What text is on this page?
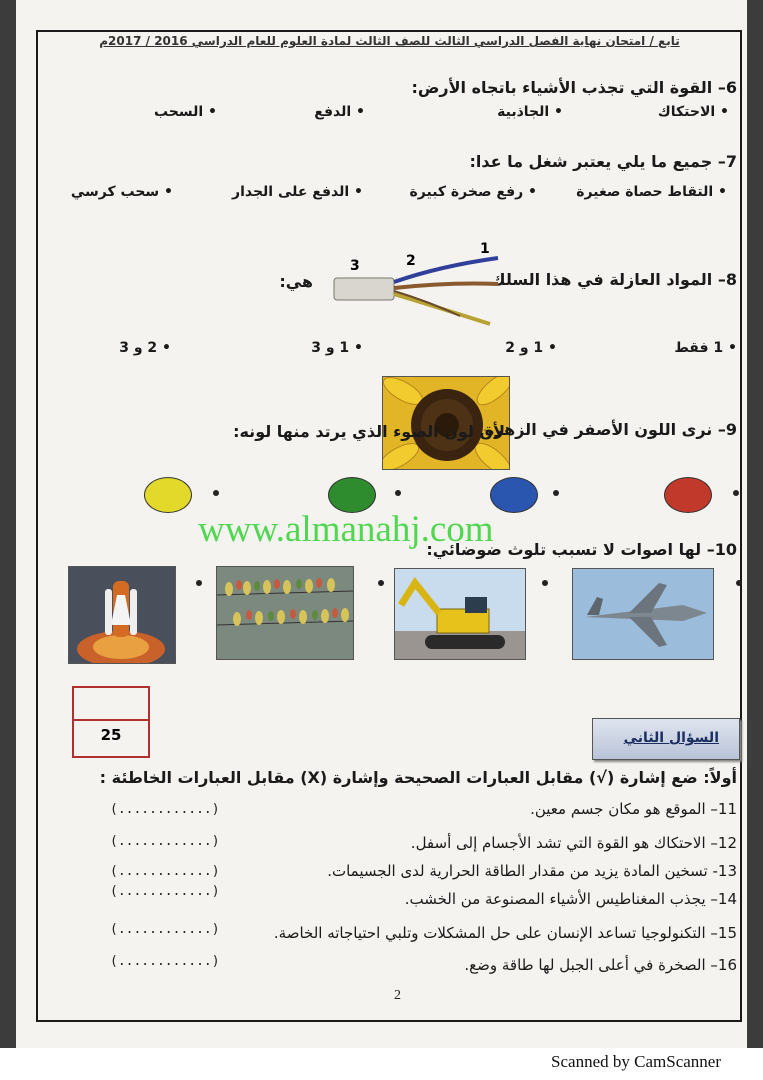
تابع / امتحان نهاية الفصل الدراسي الثالث للصف الثالث لمادة العلوم للعام الدراسي 2016 / 2017م
6– القوة التي تجذب الأشياء باتجاه الأرض:
• الاحتكاك
• الجاذبية
• الدفع
• السحب
7– جميع ما يلي يعتبر شغل ما عدا:
• التقاط حصاة صغيرة
• رفع صخرة كبيرة
• الدفع على الجدار
• سحب كرسي
8– المواد العازلة في هذا السلك
هي:
1
2
3
• 1 فقط
• 1 و 2
• 1 و 3
• 2 و 3
9– نرى اللون الأصفر في الزهرة
لأن لون الضوء الذي يرتد منها لونه:
10– لها اصوات لا تسبب تلوث ضوضائي:
www.almanahj.com
25	السؤال الثاني
أولاً: ضع إشارة (√) مقابل العبارات الصحيحة وإشارة (X) مقابل العبارات الخاطئة :
11– الموقع هو مكان جسم معين.
(............)
12– الاحتكاك هو القوة التي تشد الأجسام إلى أسفل.
(............)
13- تسخين المادة يزيد من مقدار الطاقة الحرارية لدى الجسيمات.
(............)
14– يجذب المغناطيس الأشياء المصنوعة من الخشب.
(............)
15– التكنولوجيا تساعد الإنسان على حل المشكلات وتلبي احتياجاته الخاصة.
(............)
16– الصخرة في أعلى الجبل لها طاقة وضع.
(............)
2
Scanned by CamScanner
